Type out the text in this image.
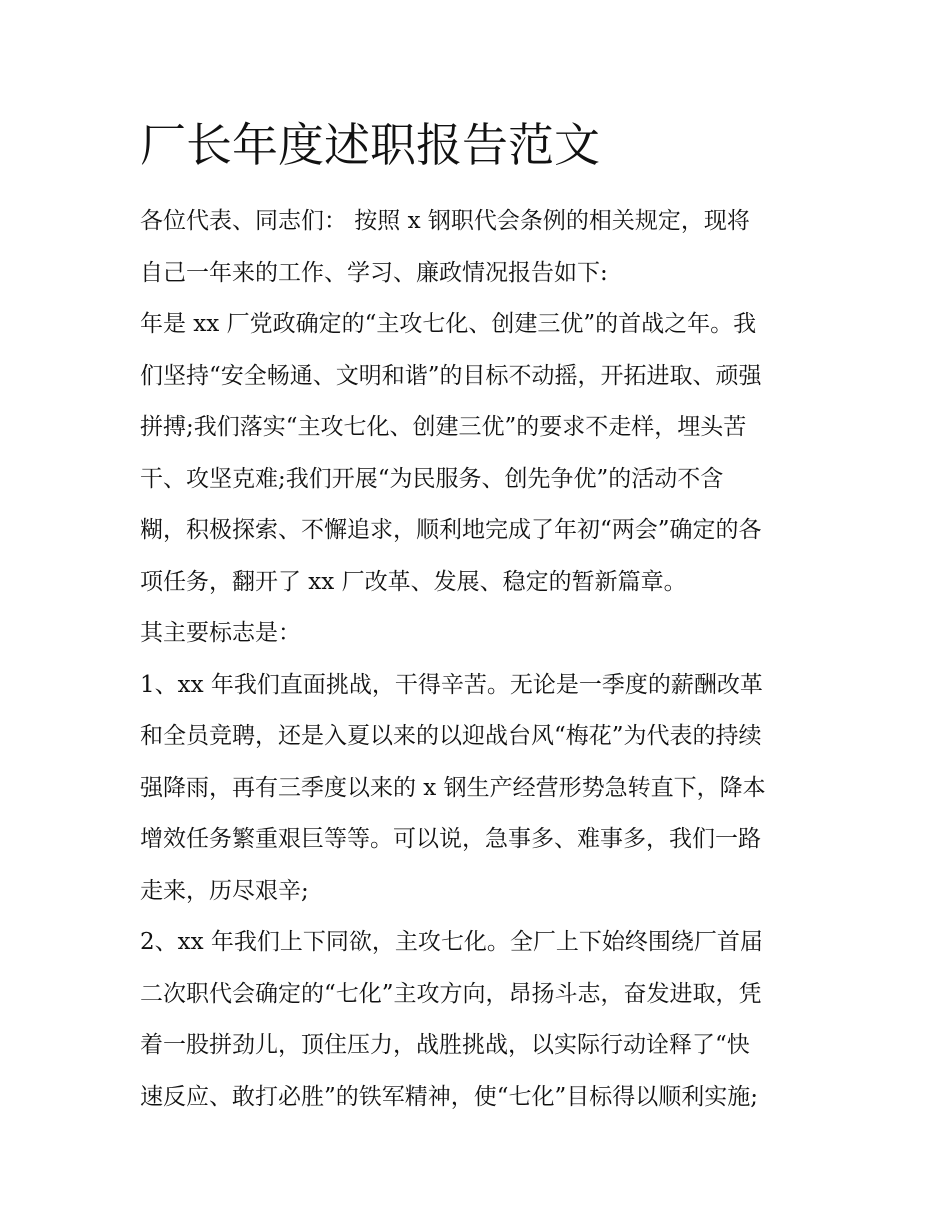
厂长年度述职报告范文
各位代表、同志们： 按照 x 钢职代会条例的相关规定，现将
自己一年来的工作、学习、廉政情况报告如下:
年是 xx 厂党政确定的“主攻七化、创建三优”的首战之年。我
们坚持“安全畅通、文明和谐”的目标不动摇，开拓进取、顽强
拼搏;我们落实“主攻七化、创建三优”的要求不走样，埋头苦
干、攻坚克难;我们开展“为民服务、创先争优”的活动不含
糊，积极探索、不懈追求，顺利地完成了年初“两会”确定的各
项任务，翻开了 xx 厂改革、发展、稳定的暂新篇章。
其主要标志是：
1、xx 年我们直面挑战，干得辛苦。无论是一季度的薪酬改革
和全员竞聘，还是入夏以来的以迎战台风“梅花”为代表的持续
强降雨，再有三季度以来的 x 钢生产经营形势急转直下，降本
增效任务繁重艰巨等等。可以说，急事多、难事多，我们一路
走来，历尽艰辛;
2、xx 年我们上下同欲，主攻七化。全厂上下始终围绕厂首届
二次职代会确定的“七化”主攻方向，昂扬斗志，奋发进取，凭
着一股拼劲儿，顶住压力，战胜挑战，以实际行动诠释了“快
速反应、敢打必胜”的铁军精神，使“七化”目标得以顺利实施;
